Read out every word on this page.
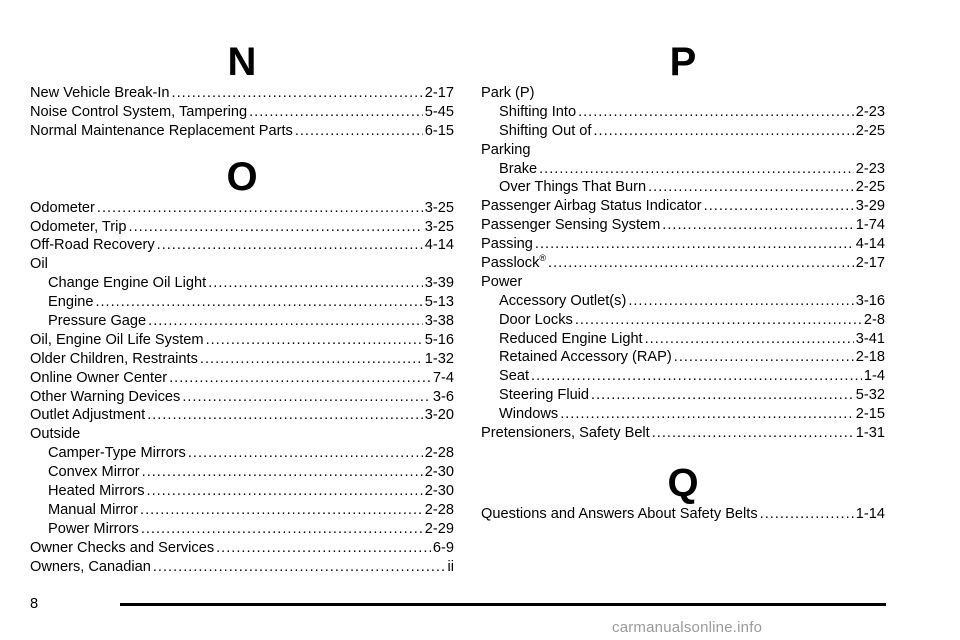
N
New Vehicle Break-In .....	2-17
Noise Control System, Tampering .....	5-45
Normal Maintenance Replacement Parts .....	6-15
O
Odometer .....	3-25
Odometer, Trip .....	3-25
Off-Road Recovery .....	4-14
Oil
Change Engine Oil Light .....	3-39
Engine .....	5-13
Pressure Gage .....	3-38
Oil, Engine Oil Life System .....	5-16
Older Children, Restraints .....	1-32
Online Owner Center .....	7-4
Other Warning Devices .....	3-6
Outlet Adjustment .....	3-20
Outside
Camper-Type Mirrors .....	2-28
Convex Mirror .....	2-30
Heated Mirrors .....	2-30
Manual Mirror .....	2-28
Power Mirrors .....	2-29
Owner Checks and Services .....	6-9
Owners, Canadian .....	ii
P
Park (P)
Shifting Into .....	2-23
Shifting Out of .....	2-25
Parking
Brake .....	2-23
Over Things That Burn .....	2-25
Passenger Airbag Status Indicator .....	3-29
Passenger Sensing System .....	1-74
Passing .....	4-14
Passlock® .....	2-17
Power
Accessory Outlet(s) .....	3-16
Door Locks .....	2-8
Reduced Engine Light .....	3-41
Retained Accessory (RAP) .....	2-18
Seat .....	1-4
Steering Fluid .....	5-32
Windows .....	2-15
Pretensioners, Safety Belt .....	1-31
Q
Questions and Answers About Safety Belts .....	1-14
8
carmanualsonline.info
